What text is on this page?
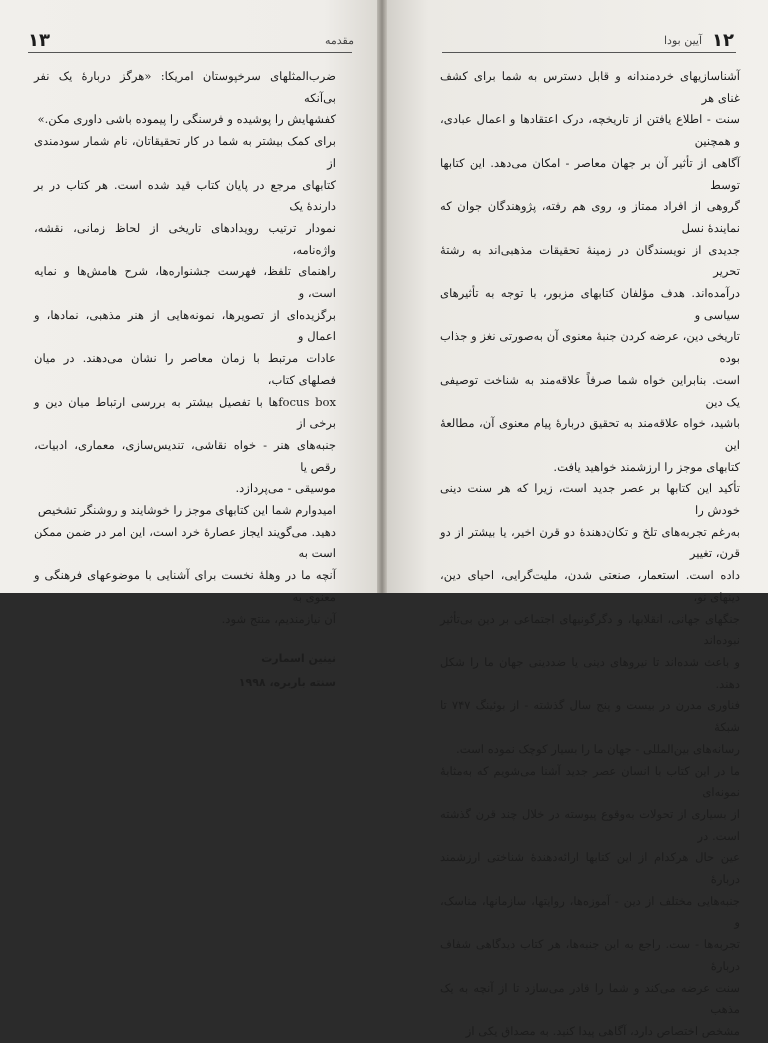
۱۳	مقدمه
ضرب‌المثلهای سرخپوستان امریکا: «هرگز دربارهٔ یک نفر بی‌آنکه
کفشهایش را پوشیده و فرسنگی را پیموده باشی داوری مکن.»
برای کمک بیشتر به شما در کار تحقیقاتان، نام شمار سودمندی از
کتابهای مرجع در پایان کتاب قید شده است. هر کتاب در بر دارندهٔ یک
نمودار ترتیب رویدادهای تاریخی از لحاظ زمانی، نقشه، واژه‌نامه،
راهنمای تلفظ، فهرست جشنواره‌ها، شرح هامش‌ها و نمایه است، و
برگزیده‌ای از تصویرها، نمونه‌هایی از هنر مذهبی، نمادها، و اعمال و
عادات مرتبط با زمان معاصر را نشان می‌دهند. در میان فصلهای کتاب،
focus boxها با تفصیل بیشتر به بررسی ارتباط میان دین و برخی از
جنبه‌های هنر - خواه نقاشی، تندیس‌سازی، معماری، ادبیات، رقص یا
موسیقی - می‌پردازد.
امیدوارم شما این کتابهای موجز را خوشایند و روشنگر تشخیص
دهید. می‌گویند ایجاز عصارهٔ خرد است، این امر در ضمن ممکن است به
آنچه ما در وهلهٔ نخست برای آشنایی با موضوعهای فرهنگی و معنوی به
آن نیازمندیم، منتج شود.
نینین اسمارت
سنته باربره، ۱۹۹۸
آیین بودا ۱۲
آشناسازیهای خردمندانه و قابل دسترس به شما برای کشف غنای هر
سنت - اطلاع یافتن از تاریخچه، درک اعتقادها و اعمال عبادی، و همچنین
آگاهی از تأثیر آن بر جهان معاصر - امکان می‌دهد. این کتابها توسط
گروهی از افراد ممتاز و، روی هم رفته، پژوهندگان جوان که نمایندهٔ نسل
جدیدی از نویسندگان در زمینهٔ تحقیقات مذهبی‌اند به رشتهٔ تحریر
درآمده‌اند. هدف مؤلفان کتابهای مزبور، با توجه به تأثیرهای سیاسی و
تاریخی دین، عرضه کردن جنبهٔ معنوی آن به‌صورتی نغز و جذاب بوده
است. بنابراین خواه شما صرفاً علاقه‌مند به شناخت توصیفی یک دین
باشید، خواه علاقه‌مند به تحقیق دربارهٔ پیام معنوی آن، مطالعهٔ این
کتابهای موجز را ارزشمند خواهید یافت.
تأکید این کتابها بر عصر جدید است، زیرا که هر سنت دینی خودش را
به‌رغم تجربه‌های تلخ و تکان‌دهندهٔ دو قرن اخیر، یا بیشتر از دو قرن، تغییر
داده است. استعمار، صنعتی شدن، ملیت‌گرایی، احیای دین، دینهای نو،
جنگهای جهانی، انقلابها، و دگرگونیهای اجتماعی بر دین بی‌تأثیر نبوده‌اند
و باعث شده‌اند تا نیروهای دینی یا ضددینی جهان ما را شکل دهند.
فناوری مدرن در بیست و پنج سال گذشته - از بوئینگ ۷۴۷ تا شبکهٔ
رسانه‌های بین‌المللی - جهان ما را بسیار کوچک نموده است.
ما در این کتاب با انسان عصر جدید آشنا می‌شویم که به‌مثابهٔ نمونه‌ای
از بسیاری از تحولات به‌وقوع پیوسته در خلال چند قرن گذشته است. در
عین حال هرکدام از این کتابها ارائه‌دهندهٔ شناختی ارزشمند دربارهٔ
جنبه‌هایی مختلف از دین - آموزه‌ها، روایتها، سازمانها، مناسک، و
تجربه‌ها - ست. راجع به این جنبه‌ها، هر کتاب دیدگاهی شفاف دربارهٔ
سنت عرضه می‌کند و شما را قادر می‌سازد تا از آنچه به یک مذهب
مشخص اختصاص دارد، آگاهی پیدا کنید. به مصداق یکی از
